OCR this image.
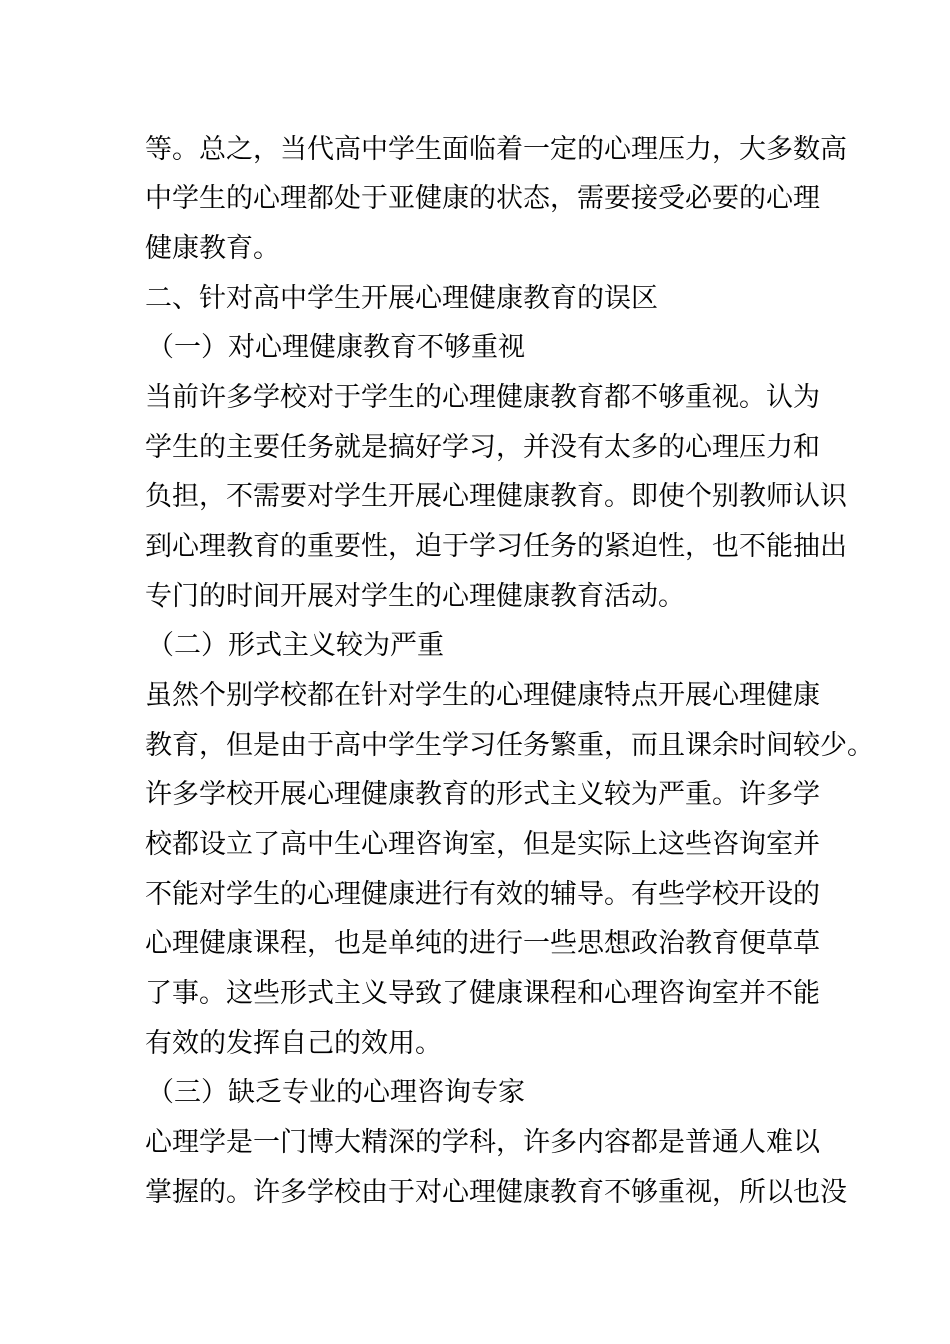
等。总之，当代高中学生面临着一定的心理压力，大多数高
中学生的心理都处于亚健康的状态，需要接受必要的心理
健康教育。
二、针对高中学生开展心理健康教育的误区
（一）对心理健康教育不够重视
当前许多学校对于学生的心理健康教育都不够重视。认为
学生的主要任务就是搞好学习，并没有太多的心理压力和
负担，不需要对学生开展心理健康教育。即使个别教师认识
到心理教育的重要性，迫于学习任务的紧迫性，也不能抽出
专门的时间开展对学生的心理健康教育活动。
（二）形式主义较为严重
虽然个别学校都在针对学生的心理健康特点开展心理健康
教育，但是由于高中学生学习任务繁重，而且课余时间较少。
许多学校开展心理健康教育的形式主义较为严重。许多学
校都设立了高中生心理咨询室，但是实际上这些咨询室并
不能对学生的心理健康进行有效的辅导。有些学校开设的
心理健康课程，也是单纯的进行一些思想政治教育便草草
了事。这些形式主义导致了健康课程和心理咨询室并不能
有效的发挥自己的效用。
（三）缺乏专业的心理咨询专家
心理学是一门博大精深的学科，许多内容都是普通人难以
掌握的。许多学校由于对心理健康教育不够重视，所以也没
